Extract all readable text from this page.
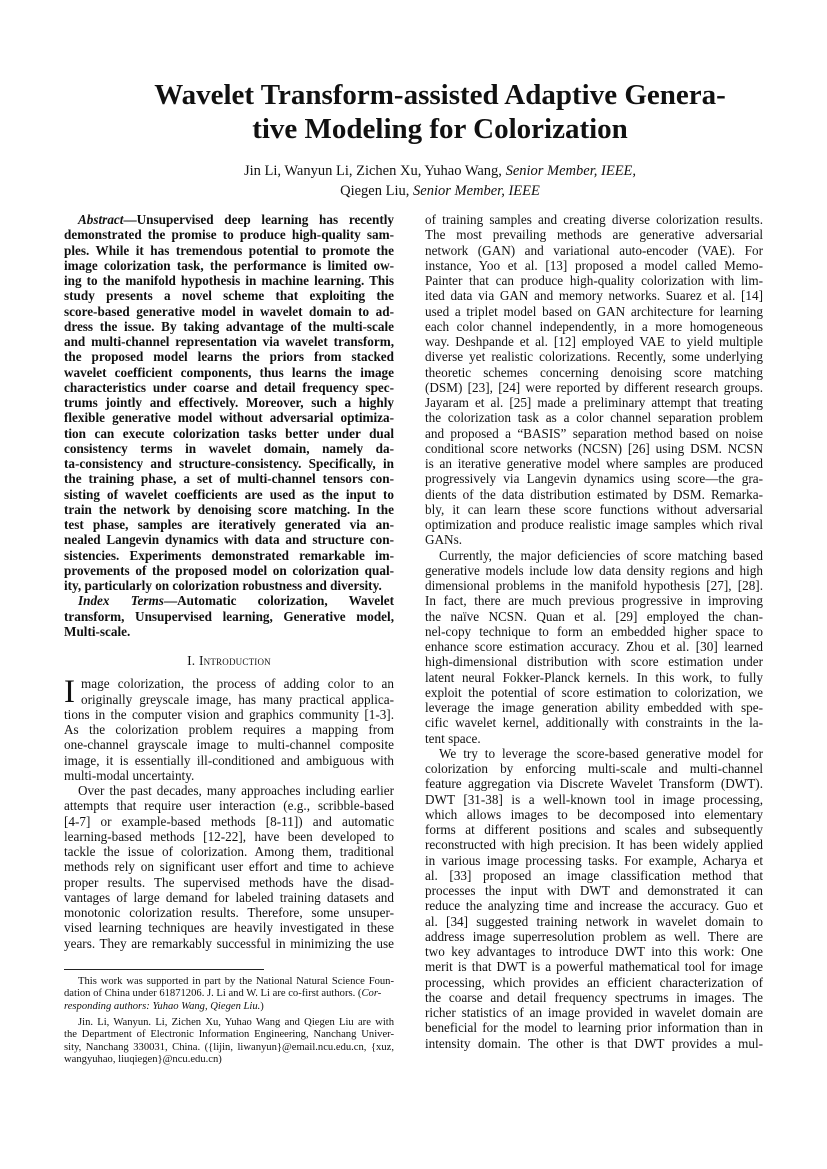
Wavelet Transform-assisted Adaptive Genera-
tive Modeling for Colorization
Jin Li, Wanyun Li, Zichen Xu, Yuhao Wang, Senior Member, IEEE,
Qiegen Liu, Senior Member, IEEE
Abstract—Unsupervised deep learning has recently
demonstrated the promise to produce high-quality sam-
ples. While it has tremendous potential to promote the
image colorization task, the performance is limited ow-
ing to the manifold hypothesis in machine learning. This
study presents a novel scheme that exploiting the
score-based generative model in wavelet domain to ad-
dress the issue. By taking advantage of the multi-scale
and multi-channel representation via wavelet transform,
the proposed model learns the priors from stacked
wavelet coefficient components, thus learns the image
characteristics under coarse and detail frequency spec-
trums jointly and effectively. Moreover, such a highly
flexible generative model without adversarial optimiza-
tion can execute colorization tasks better under dual
consistency terms in wavelet domain, namely da-
ta-consistency and structure-consistency. Specifically, in
the training phase, a set of multi-channel tensors con-
sisting of wavelet coefficients are used as the input to
train the network by denoising score matching. In the
test phase, samples are iteratively generated via an-
nealed Langevin dynamics with data and structure con-
sistencies. Experiments demonstrated remarkable im-
provements of the proposed model on colorization qual-
ity, particularly on colorization robustness and diversity.
Index Terms—Automatic colorization, Wavelet
transform, Unsupervised learning, Generative model,
Multi-scale.
I. Introduction
I mage colorization, the process of adding color to an
originally greyscale image, has many practical applica-
tions in the computer vision and graphics community [1-3].
As the colorization problem requires a mapping from
one-channel grayscale image to multi-channel composite
image, it is essentially ill-conditioned and ambiguous with
multi-modal uncertainty.
Over the past decades, many approaches including earlier
attempts that require user interaction (e.g., scribble-based
[4-7] or example-based methods [8-11]) and automatic
learning-based methods [12-22], have been developed to
tackle the issue of colorization. Among them, traditional
methods rely on significant user effort and time to achieve
proper results. The supervised methods have the disad-
vantages of large demand for labeled training datasets and
monotonic colorization results. Therefore, some unsuper-
vised learning techniques are heavily investigated in these
years. They are remarkably successful in minimizing the use
This work was supported in part by the National Natural Science Foun-
dation of China under 61871206. J. Li and W. Li are co-first authors. (Cor-
responding authors: Yuhao Wang, Qiegen Liu.)
Jin. Li, Wanyun. Li, Zichen Xu, Yuhao Wang and Qiegen Liu are with
the Department of Electronic Information Engineering, Nanchang Univer-
sity, Nanchang 330031, China. ({lijin, liwanyun}@email.ncu.edu.cn, {xuz,
wangyuhao, liuqiegen}@ncu.edu.cn)
of training samples and creating diverse colorization results.
The most prevailing methods are generative adversarial
network (GAN) and variational auto-encoder (VAE). For
instance, Yoo et al. [13] proposed a model called Memo-
Painter that can produce high-quality colorization with lim-
ited data via GAN and memory networks. Suarez et al. [14]
used a triplet model based on GAN architecture for learning
each color channel independently, in a more homogeneous
way. Deshpande et al. [12] employed VAE to yield multiple
diverse yet realistic colorizations. Recently, some underlying
theoretic schemes concerning denoising score matching
(DSM) [23], [24] were reported by different research groups.
Jayaram et al. [25] made a preliminary attempt that treating
the colorization task as a color channel separation problem
and proposed a “BASIS” separation method based on noise
conditional score networks (NCSN) [26] using DSM. NCSN
is an iterative generative model where samples are produced
progressively via Langevin dynamics using score—the gra-
dients of the data distribution estimated by DSM. Remarka-
bly, it can learn these score functions without adversarial
optimization and produce realistic image samples which rival
GANs.
Currently, the major deficiencies of score matching based
generative models include low data density regions and high
dimensional problems in the manifold hypothesis [27], [28].
In fact, there are much previous progressive in improving
the naïve NCSN. Quan et al. [29] employed the chan-
nel-copy technique to form an embedded higher space to
enhance score estimation accuracy. Zhou et al. [30] learned
high-dimensional distribution with score estimation under
latent neural Fokker-Planck kernels. In this work, to fully
exploit the potential of score estimation to colorization, we
leverage the image generation ability embedded with spe-
cific wavelet kernel, additionally with constraints in the la-
tent space.
We try to leverage the score-based generative model for
colorization by enforcing multi-scale and multi-channel
feature aggregation via Discrete Wavelet Transform (DWT).
DWT [31-38] is a well-known tool in image processing,
which allows images to be decomposed into elementary
forms at different positions and scales and subsequently
reconstructed with high precision. It has been widely applied
in various image processing tasks. For example, Acharya et
al. [33] proposed an image classification method that
processes the input with DWT and demonstrated it can
reduce the analyzing time and increase the accuracy. Guo et
al. [34] suggested training network in wavelet domain to
address image superresolution problem as well. There are
two key advantages to introduce DWT into this work: One
merit is that DWT is a powerful mathematical tool for image
processing, which provides an efficient characterization of
the coarse and detail frequency spectrums in images. The
richer statistics of an image provided in wavelet domain are
beneficial for the model to learning prior information than in
intensity domain. The other is that DWT provides a mul-
